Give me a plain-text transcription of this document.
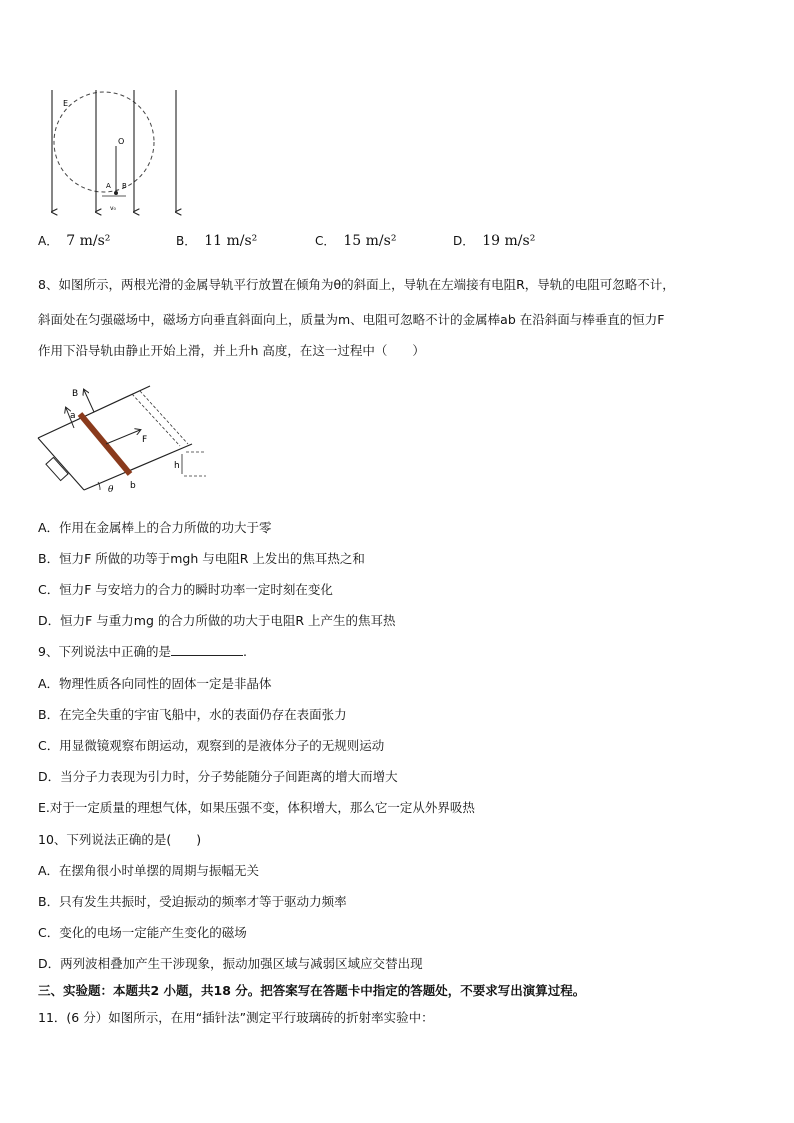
E
O
A B
v₀
A． 7 m/s²	B． 11 m/s²	C． 15 m/s²	D． 19 m/s²
8、如图所示，两根光滑的金属导轨平行放置在倾角为θ的斜面上，导轨在左端接有电阻R，导轨的电阻可忽略不计，
斜面处在匀强磁场中，磁场方向垂直斜面向上，质量为m、电阻可忽略不计的金属棒ab 在沿斜面与棒垂直的恒力F
作用下沿导轨由静止开始上滑，并上升h 高度，在这一过程中（　　）
B
a
b
F
h
θ
A．作用在金属棒上的合力所做的功大于零
B．恒力F 所做的功等于mgh 与电阻R 上发出的焦耳热之和
C．恒力F 与安培力的合力的瞬时功率一定时刻在变化
D．恒力F 与重力mg 的合力所做的功大于电阻R 上产生的焦耳热
9、下列说法中正确的是	.
A．物理性质各向同性的固体一定是非晶体
B．在完全失重的宇宙飞船中，水的表面仍存在表面张力
C．用显微镜观察布朗运动，观察到的是液体分子的无规则运动
D．当分子力表现为引力时，分子势能随分子间距离的增大而增大
E.对于一定质量的理想气体，如果压强不变，体积增大，那么它一定从外界吸热
10、下列说法正确的是(　　)
A．在摆角很小时单摆的周期与振幅无关
B．只有发生共振时，受迫振动的频率才等于驱动力频率
C．变化的电场一定能产生变化的磁场
D．两列波相叠加产生干涉现象，振动加强区域与减弱区域应交替出现
三、实验题：本题共2 小题，共18 分。把答案写在答题卡中指定的答题处，不要求写出演算过程。
11．(6 分）如图所示，在用“插针法”测定平行玻璃砖的折射率实验中：
